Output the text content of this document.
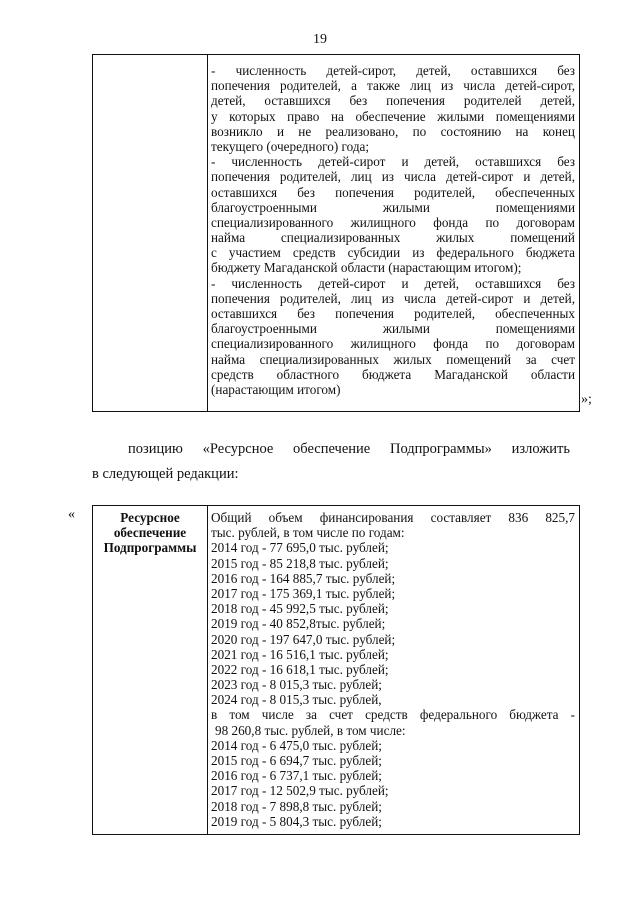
19
- численность детей-сирот, детей, оставшихся без
попечения родителей, а также лиц из числа детей-сирот,
детей, оставшихся без попечения родителей детей,
у которых право на обеспечение жилыми помещениями
возникло и не реализовано, по состоянию на конец
текущего (очередного) года;
- численность детей-сирот и детей, оставшихся без
попечения родителей, лиц из числа детей-сирот и детей,
оставшихся без попечения родителей, обеспеченных
благоустроенными жилыми помещениями
специализированного жилищного фонда по договорам
найма специализированных жилых помещений
с участием средств субсидии из федерального бюджета
бюджету Магаданской области (нарастающим итогом);
- численность детей-сирот и детей, оставшихся без
попечения родителей, лиц из числа детей-сирот и детей,
оставшихся без попечения родителей, обеспеченных
благоустроенными жилыми помещениями
специализированного жилищного фонда по договорам
найма специализированных жилых помещений за счет
средств областного бюджета Магаданской области
(нарастающим итогом)
»;
позицию «Ресурсное обеспечение Подпрограммы» изложить
в следующей редакции:
«	Ресурсное
обеспечение
Подпрограммы
Общий объем финансирования составляет 836 825,7
тыс. рублей, в том числе по годам:
2014 год - 77 695,0 тыс. рублей;
2015 год - 85 218,8 тыс. рублей;
2016 год - 164 885,7 тыс. рублей;
2017 год - 175 369,1 тыс. рублей;
2018 год - 45 992,5 тыс. рублей;
2019 год - 40 852,8тыс. рублей;
2020 год - 197 647,0 тыс. рублей;
2021 год - 16 516,1 тыс. рублей;
2022 год - 16 618,1 тыс. рублей;
2023 год - 8 015,3 тыс. рублей;
2024 год - 8 015,3 тыс. рублей,
в том числе за счет средств федерального бюджета -
98 260,8 тыс. рублей, в том числе:
2014 год - 6 475,0 тыс. рублей;
2015 год - 6 694,7 тыс. рублей;
2016 год - 6 737,1 тыс. рублей;
2017 год - 12 502,9 тыс. рублей;
2018 год - 7 898,8 тыс. рублей;
2019 год - 5 804,3 тыс. рублей;
